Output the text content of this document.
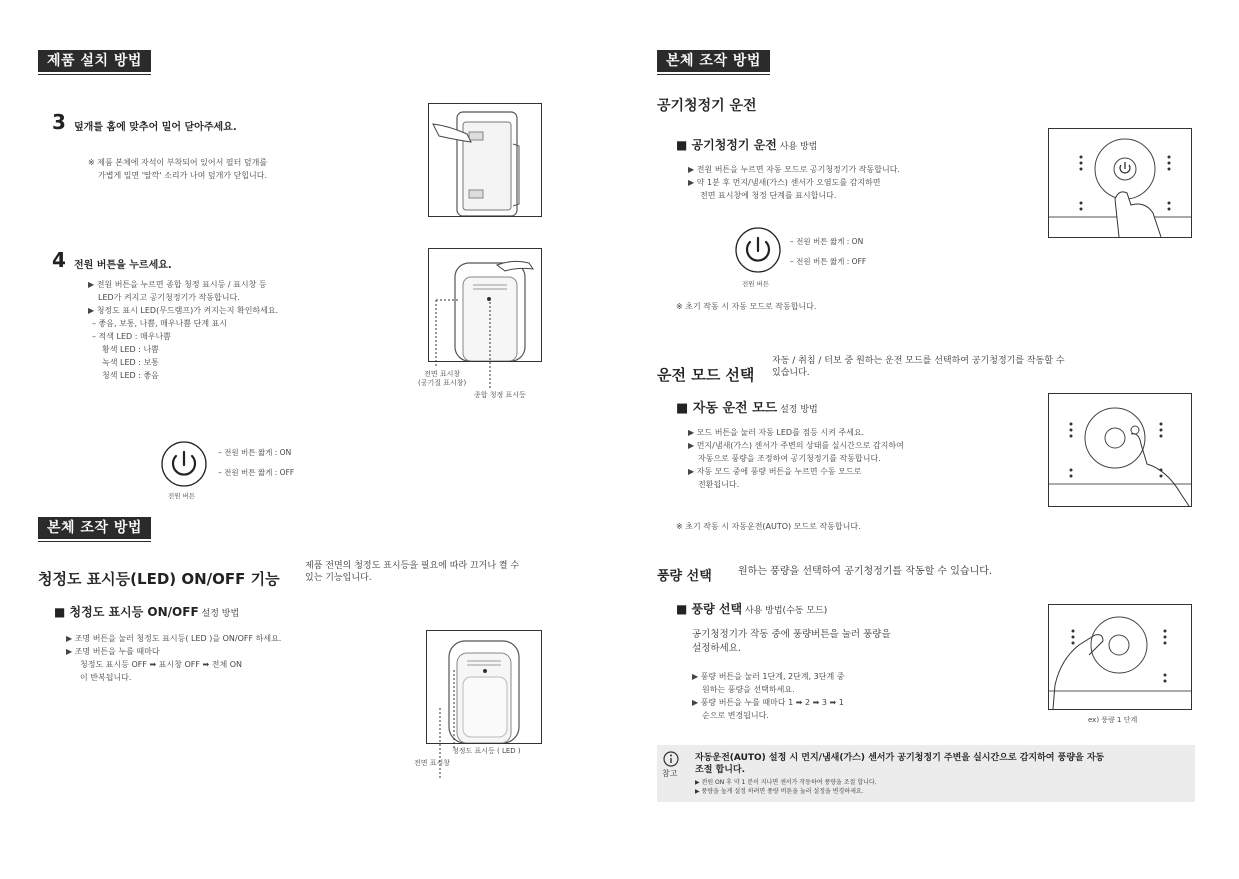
제품 설치 방법
3 덮개를 홈에 맞추어 밀어 닫아주세요.
※ 제품 본체에 자석이 부착되어 있어서 필터 덮개를
가볍게 밀면 '딸깍' 소리가 나며 덮개가 닫힙니다.
4 전원 버튼을 누르세요.
▶ 전원 버튼을 누르면 종합 청정 표시등 / 표시창 등
LED가 켜지고 공기청정기가 작동합니다.
▶ 청정도 표시 LED(무드램프)가 켜지는지 확인하세요.
– 좋음, 보통, 나쁨, 매우나쁨 단계 표시
– 적색 LED : 매우나쁨
황색 LED : 나쁨
녹색 LED : 보통
청색 LED : 좋음	전면 표시창
(공기질 표시창)
종합 청정 표시등
– 전원 버튼 짧게 : ON
– 전원 버튼 짧게 : OFF
전원 버튼
본체 조작 방법
청정도 표시등(LED) ON/OFF 기능
제품 전면의 청정도 표시등을 필요에 따라 끄거나 켤 수
있는 기능입니다.
■ 청정도 표시등 ON/OFF 설정 방법
▶ 조명 버튼을 눌러 청정도 표시등( LED )을 ON/OFF 하세요.
▶ 조명 버튼을 누를 때마다
청정도 표시등 OFF ➡ 표시창 OFF ➡ 전체 ON
이 반복됩니다.
청정도 표시등 ( LED )
전면 표시창
본체 조작 방법
공기청정기 운전
■ 공기청정기 운전 사용 방법
▶ 전원 버튼을 누르면 자동 모드로 공기청정기가 작동합니다.
▶ 약 1분 후 먼지/냄새(가스) 센서가 오염도를 감지하면
전면 표시창에 청정 단계를 표시합니다.
– 전원 버튼 짧게 : ON
– 전원 버튼 짧게 : OFF
전원 버튼
※ 초기 작동 시 자동 모드로 작동합니다.
운전 모드 선택
자동 / 취침 / 터보 중 원하는 운전 모드를 선택하여 공기청정기를 작동할 수
있습니다.
■ 자동 운전 모드 설정 방법
▶ 모드 버튼을 눌러 자동 LED를 점등 시켜 주세요.
▶ 먼지/냄새(가스) 센서가 주변의 상태를 실시간으로 감지하여
자동으로 풍량을 조정하여 공기청정기를 작동합니다.
▶ 자동 모드 중에 풍량 버튼을 누르면 수동 모드로
전환됩니다.
※ 초기 작동 시 자동운전(AUTO) 모드로 작동합니다.
풍량 선택	원하는 풍량을 선택하여 공기청정기를 작동할 수 있습니다.
■ 풍량 선택 사용 방법(수동 모드)
공기청정기가 작동 중에 풍량버튼을 눌러 풍량을
설정하세요.
▶ 풍량 버튼을 눌러 1단계, 2단계, 3단계 중
원하는 풍량을 선택하세요.
▶ 풍량 버튼을 누를 때마다 1 ➡ 2 ➡ 3 ➡ 1
순으로 변경됩니다.	ex) 풍량 1 단계
참고
자동운전(AUTO) 설정 시 먼지/냄새(가스) 센서가 공기청정기 주변을 실시간으로 감지하여 풍량을 자동
조절 합니다.
▶ 전원 ON 후 약 1 분이 지나면 센서가 작동하여 풍량을 조절 합니다.
▶ 풍량을 높게 설정 하려면 풍량 버튼을 눌러 설정을 변경하세요.
